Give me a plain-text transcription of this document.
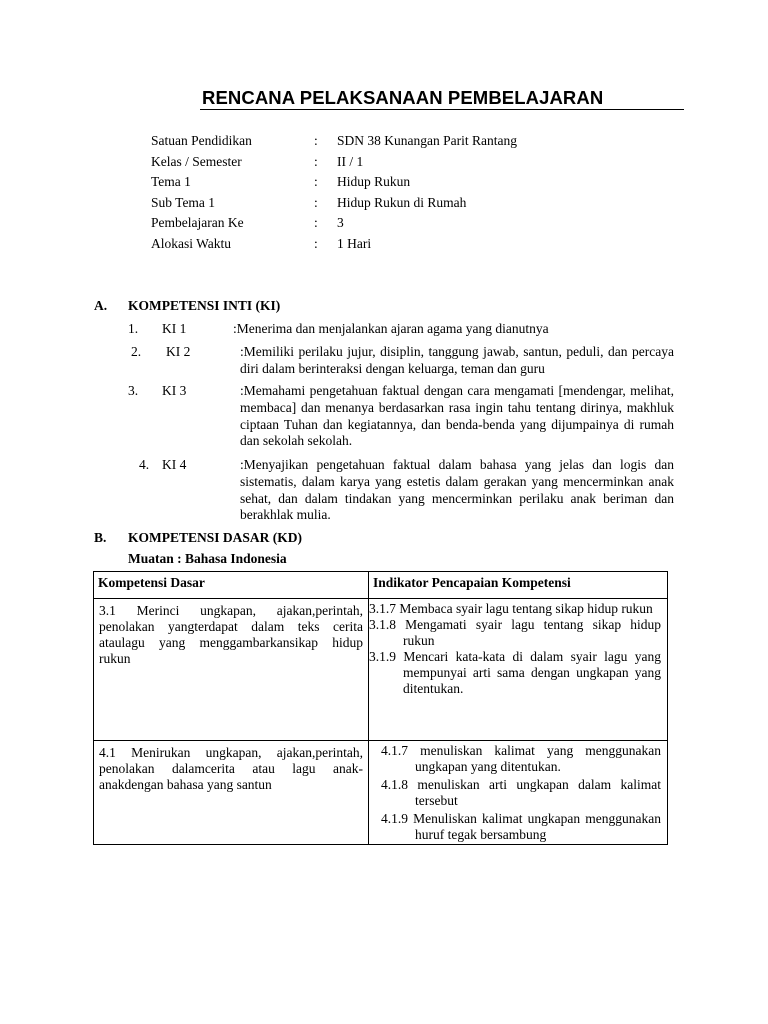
RENCANA PELAKSANAAN PEMBELAJARAN
Satuan Pendidikan	: SDN 38 Kunangan Parit Rantang
Kelas / Semester	: II / 1
Tema 1	: Hidup Rukun
Sub Tema 1	: Hidup Rukun di Rumah
Pembelajaran Ke	: 3
Alokasi Waktu	: 1 Hari
A. KOMPETENSI INTI (KI)
1. KI 1	:Menerima dan menjalankan ajaran agama yang dianutnya
2. KI 2	:Memiliki perilaku jujur, disiplin, tanggung jawab, santun, peduli, dan percaya diri dalam berinteraksi dengan keluarga, teman dan guru
3. KI 3	:Memahami pengetahuan faktual dengan cara mengamati [mendengar, melihat, membaca] dan menanya berdasarkan rasa ingin tahu tentang dirinya, makhluk ciptaan Tuhan dan kegiatannya, dan benda-benda yang dijumpainya di rumah dan sekolah sekolah.
4. KI 4	:Menyajikan pengetahuan faktual dalam bahasa yang jelas dan logis dan sistematis, dalam karya yang estetis dalam gerakan yang mencerminkan anak sehat, dan dalam tindakan yang mencerminkan perilaku anak beriman dan berakhlak mulia.
B. KOMPETENSI DASAR (KD)
Muatan : Bahasa Indonesia
Kompetensi Dasar	Indikator Pencapaian Kompetensi
3.1 Merinci ungkapan, ajakan,perintah, penolakan yangterdapat dalam teks cerita ataulagu yang menggambarkansikap hidup rukun	3.1.7 Membaca syair lagu tentang sikap hidup rukun
3.1.8 Mengamati syair lagu tentang sikap hidup rukun
3.1.9 Mencari kata-kata di dalam syair lagu yang mempunyai arti sama dengan ungkapan yang ditentukan.

4.1 Menirukan ungkapan, ajakan,perintah, penolakan dalamcerita atau lagu anak-anakdengan bahasa yang santun	4.1.7 menuliskan kalimat yang menggunakan ungkapan yang ditentukan.
4.1.8 menuliskan arti ungkapan dalam kalimat tersebut
4.1.9 Menuliskan kalimat ungkapan menggunakan huruf tegak bersambung
